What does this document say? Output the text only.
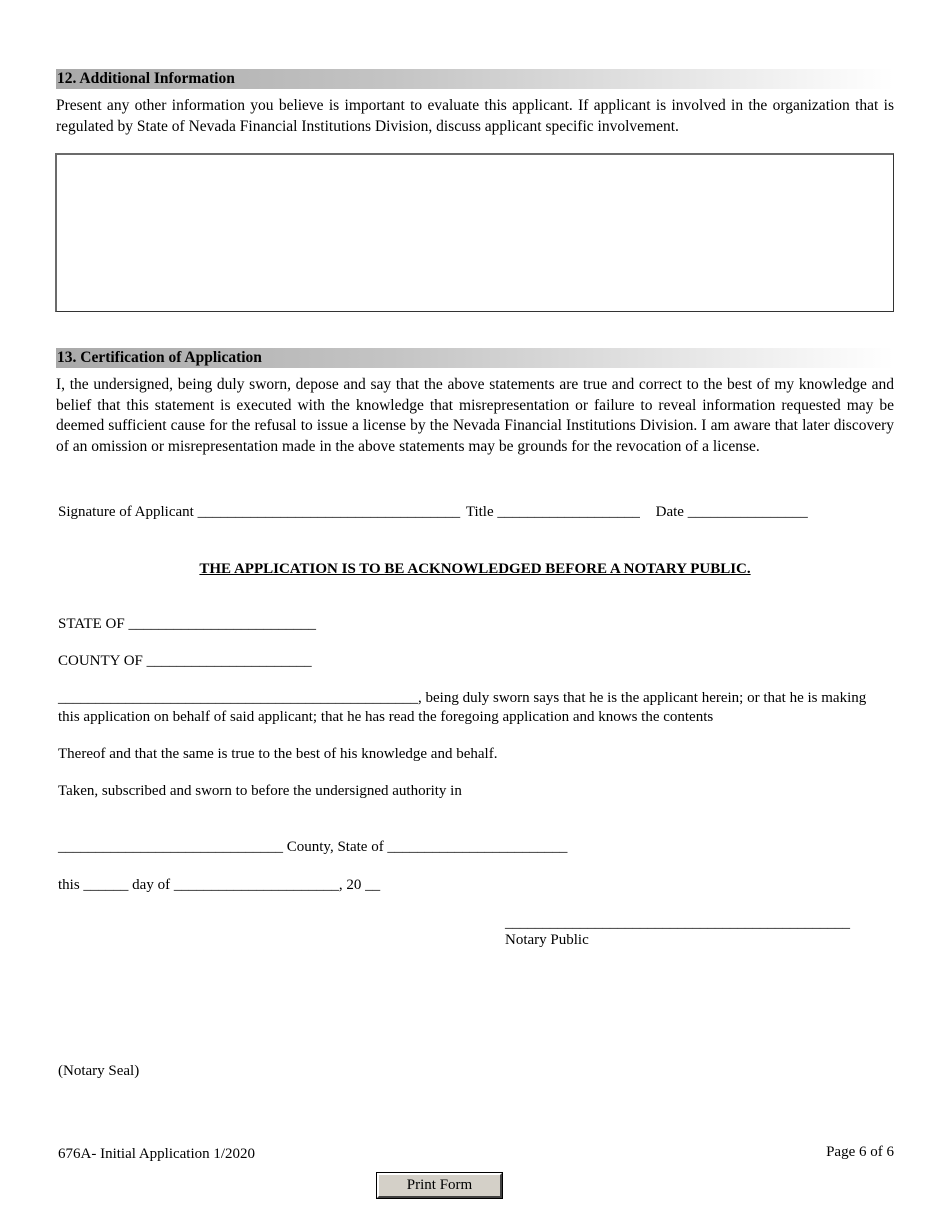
12. Additional Information
Present any other information you believe is important to evaluate this applicant. If applicant is involved in the organization that is regulated by State of Nevada Financial Institutions Division, discuss applicant specific involvement.
13. Certification of Application
I, the undersigned, being duly sworn, depose and say that the above statements are true and correct to the best of my knowledge and belief that this statement is executed with the knowledge that misrepresentation or failure to reveal information requested may be deemed sufficient cause for the refusal to issue a license by the Nevada Financial Institutions Division. I am aware that later discovery of an omission or misrepresentation made in the above statements may be grounds for the revocation of a license.
Signature of Applicant ___________________________________ Title ___________________ Date ________________
THE APPLICATION IS TO BE ACKNOWLEDGED BEFORE A NOTARY PUBLIC.
STATE OF _________________________
COUNTY OF ______________________
________________________________________________, being duly sworn says that he is the applicant herein; or that he is making
this application on behalf of said applicant; that he has read the foregoing application and knows the contents
Thereof and that the same is true to the best of his knowledge and behalf.
Taken, subscribed and sworn to before the undersigned authority in
______________________________ County, State of ________________________
this ______ day of ______________________, 20 __
______________________________________________
Notary Public
(Notary Seal)
676A- Initial Application 1/2020	Page 6 of 6
Print Form
